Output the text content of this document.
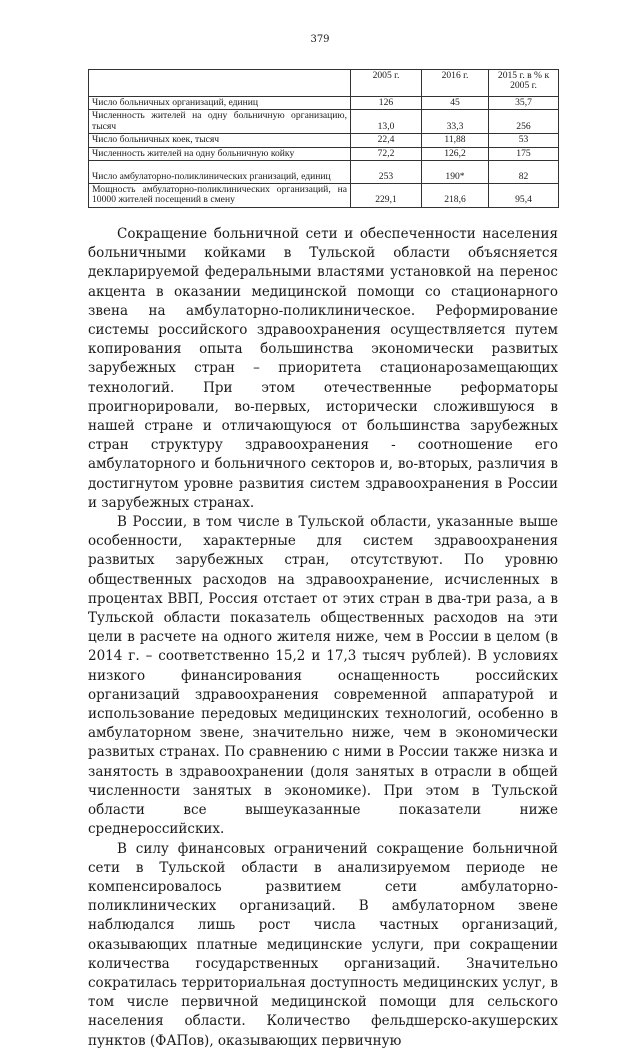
379
	2005 г.	2016 г.	2015 г. в % к 2005 г.
Число больничных организаций, единиц	126	45	35,7
Численность жителей на одну больничную организацию, тысяч	13,0	33,3	256
Число больничных коек, тысяч	22,4	11,88	53
Численность жителей на одну больничную койку	72,2	126,2	175
Число амбулаторно-поликлинических рганизаций, единиц	253	190*	82
Мощность амбулаторно-поликлинических организаций, на 10000 жителей посещений в смену	229,1	218,6	95,4

Сокращение больничной сети и обеспеченности населения больничными койками в Тульской области объясняется декларируемой федеральными властями установкой на перенос акцента в оказании медицинской помощи со стационарного звена на амбулаторно-поликлиническое. Реформирование системы российского здравоохранения осуществляется путем копирования опыта большинства экономически развитых зарубежных стран – приоритета стационарозамещающих технологий. При этом отечественные реформаторы проигнорировали, во-первых, исторически сложившуюся в нашей стране и отличающуюся от большинства зарубежных стран структуру здравоохранения - соотношение его амбулаторного и больничного секторов и, во-вторых, различия в достигнутом уровне развития систем здравоохранения в России и зарубежных странах.

В России, в том числе в Тульской области, указанные выше особенности, характерные для систем здравоохранения развитых зарубежных стран, отсутствуют. По уровню общественных расходов на здравоохранение, исчисленных в процентах ВВП, Россия отстает от этих стран в два-три раза, а в Тульской области показатель общественных расходов на эти цели в расчете на одного жителя ниже, чем в России в целом (в 2014 г. – соответственно 15,2 и 17,3 тысяч рублей). В условиях низкого финансирования оснащенность российских организаций здравоохранения современной аппаратурой и использование передовых медицинских технологий, особенно в амбулаторном звене, значительно ниже, чем в экономически развитых странах. По сравнению с ними в России также низка и занятость в здравоохранении (доля занятых в отрасли в общей численности занятых в экономике). При этом в Тульской области все вышеуказанные показатели ниже среднероссийских.

В силу финансовых ограничений сокращение больничной сети в Тульской области в анализируемом периоде не компенсировалось развитием сети амбулаторно-поликлинических организаций. В амбулаторном звене наблюдался лишь рост числа частных организаций, оказывающих платные медицинские услуги, при сокращении количества государственных организаций. Значительно сократилась территориальная доступность медицинских услуг, в том числе первичной медицинской помощи для сельского населения области. Количество фельдшерско-акушерских пунктов (ФАПов), оказывающих первичную
